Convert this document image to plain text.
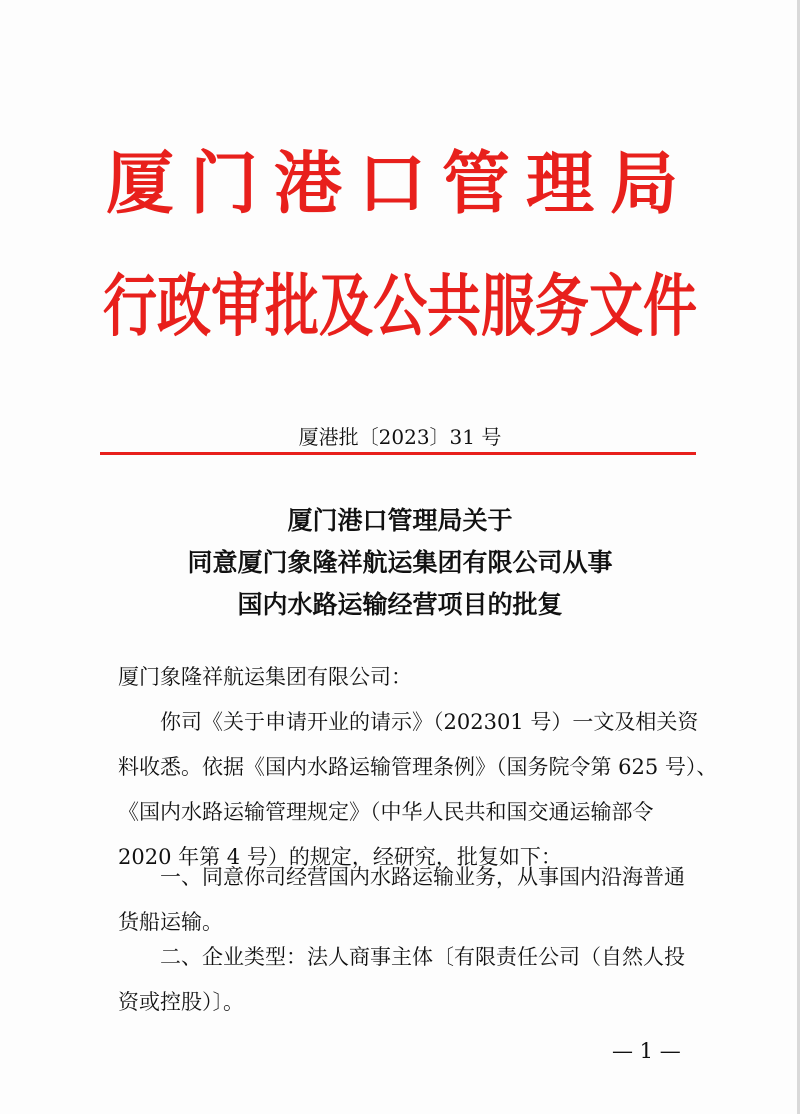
厦门港口管理局
行政审批及公共服务文件
厦港批〔2023〕31 号
厦门港口管理局关于
同意厦门象隆祥航运集团有限公司从事
国内水路运输经营项目的批复
厦门象隆祥航运集团有限公司：
你司《关于申请开业的请示》（202301 号）一文及相关资
料收悉。依据《国内水路运输管理条例》（国务院令第 625 号）、
《国内水路运输管理规定》（中华人民共和国交通运输部令
2020 年第 4 号）的规定，经研究，批复如下：
一、同意你司经营国内水路运输业务，从事国内沿海普通
货船运输。
二、企业类型：法人商事主体〔有限责任公司（自然人投
资或控股）〕。
— 1 —
